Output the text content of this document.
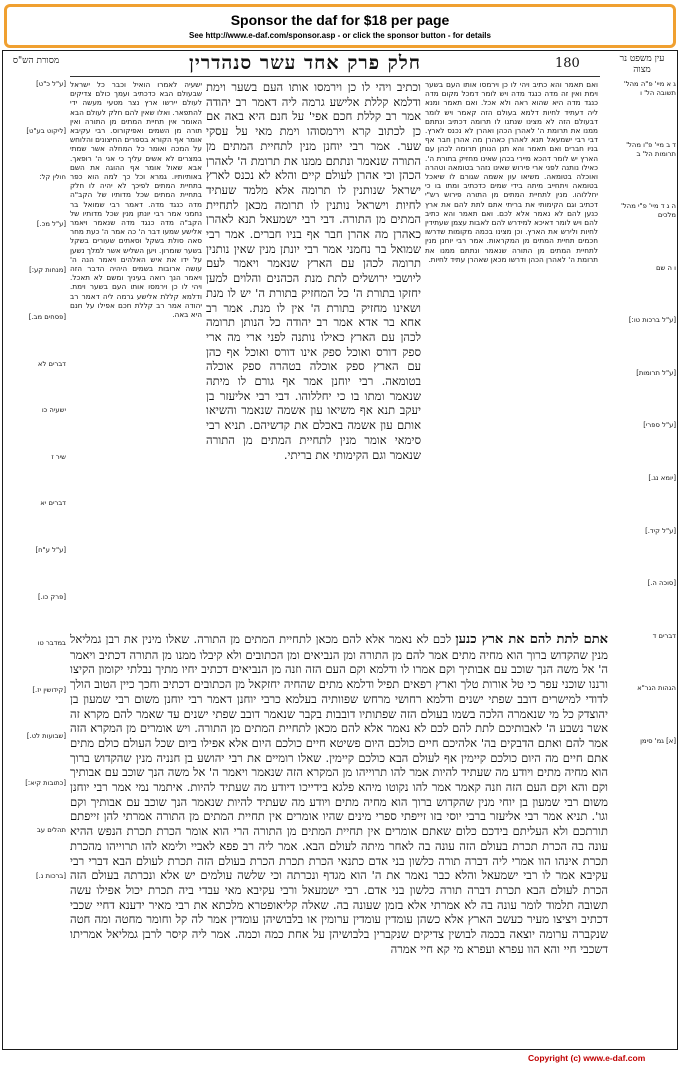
Sponsor the daf for $18 per page
See http://www.e-daf.com/sponsor.asp - or click the sponsor button - for details
מסורת הש"ס	חלק פרק אחד עשר סנהדרין	180	עין משפט נר מצוה
[ע"ל כ"ט]
[ליקוט בע"ט]
חולין קל:
[ע"ל מכ.]
[מנחות קע:]
[פסחים מב.]
דברים לא
ישעיה כו
שיר ז
דברים יא
[ע"ל ע"ח]
[פרק כו.]
במדבר טו
[קידושין יז.]
[שבועות לט.]
[כתובות קיא:]
תהלים עב
[ברכות נ.]

ישעיה לאמרו הואיל וכבר כל ישראל שבעולם הבא כדכתיב ועמך כולם צדיקים לעולם יירשו ארץ נצר מטעי מעשה ידי להתפאר. ואלו שאין להם חלק לעולם הבא האומר אין תחיית המתים מן התורה ואין תורה מן השמים ואפיקורוס. רבי עקיבא אומר אף הקורא בספרים החיצונים והלוחש על המכה ואומר כל המחלה אשר שמתי במצרים לא אשים עליך כי אני ה' רופאך. אבא שאול אומר אף ההוגה את השם באותיותיו. גמרא וכל כך למה הוא כפר בתחיית המתים לפיכך לא יהיה לו חלק בתחיית המתים שכל מדותיו של הקב"ה מדה כנגד מדה. דאמר רבי שמואל בר נחמני אמר רבי יונתן מנין שכל מדותיו של הקב"ה מדה כנגד מדה שנאמר ויאמר אלישע שמעו דבר ה' כה אמר ה' כעת מחר סאה סולת בשקל וסאתים שעורים בשקל בשער שומרון. ויען השליש אשר למלך נשען על ידו את איש האלהים ויאמר הנה ה' עושה ארובות בשמים היהיה הדבר הזה ויאמר הנך רואה בעיניך ומשם לא תאכל. ויהי לו כן וירמסו אותו העם בשער וימת. ודלמא קללת אלישע גרמה ליה דאמר רב יהודה אמר רב קללת חכם אפילו על חנם היא באה.

וכתיב ויהי לו כן וירמסו אותו העם בשער וימת ודלמא קללת אלישע גרמה ליה דאמר רב יהודה אמר רב קללת חכם אפי' על חנם היא באה אם כן לכתוב קרא וירמסוהו וימת מאי על עסקי שער. אמר רבי יוחנן מנין לתחיית המתים מן התורה שנאמר ונתתם ממנו את תרומת ה' לאהרן הכהן וכי אהרן לעולם קיים והלא לא נכנס לארץ ישראל שנותנין לו תרומה אלא מלמד שעתיד לחיות וישראל נותנין לו תרומה מכאן לתחיית המתים מן התורה. דבי רבי ישמעאל תנא לאהרן כאהרן מה אהרן חבר אף בניו חברים. אמר רבי שמואל בר נחמני אמר רבי יונתן מנין שאין נותנין תרומה לכהן עם הארץ שנאמר ויאמר לעם ליושבי ירושלים לתת מנת הכהנים והלוים למען יחזקו בתורת ה' כל המחזיק בתורת ה' יש לו מנת ושאינו מחזיק בתורת ה' אין לו מנת. אמר רב אחא בר אדא אמר רב יהודה כל הנותן תרומה לכהן עם הארץ כאילו נותנה לפני ארי מה ארי ספק דורס ואוכל ספק אינו דורס ואוכל אף כהן עם הארץ ספק אוכלה בטהרה ספק אוכלה בטומאה. רבי יוחנן אמר אף גורם לו מיתה שנאמר ומתו בו כי יחללוהו. דבי רבי אליעזר בן יעקב תנא אף משיאו עון אשמה שנאמר והשיאו אותם עון אשמה באכלם את קדשיהם. תניא רבי סימאי אומר מנין לתחיית המתים מן התורה שנאמר וגם הקימותי את בריתי.

ואם תאמר והא כתיב ויהי לו כן וירמסו אותו העם בשער וימת ואין זה מדה כנגד מדה ויש לומר דמכל מקום מדה כנגד מדה היא שהוא ראה ולא אכל. ואם תאמר ומנא ליה דעתיד לחיות דלמא בעולם הזה קאמר ויש לומר דבעולם הזה לא מצינו שנתנו לו תרומה דכתיב ונתתם ממנו את תרומת ה' לאהרן הכהן ואהרן לא נכנס לארץ. דבי רבי ישמעאל תנא לאהרן כאהרן מה אהרן חבר אף בניו חברים ואם תאמר והא תנן הנותן תרומה לכהן עם הארץ יש לומר דהכא מיירי בכהן שאינו מחזיק בתורת ה'. כאילו נותנה לפני ארי פירוש שאינו נזהר בטומאה וטהרה ואוכלה בטומאה. משיאו עון אשמה שגורם לו שיאכל בטומאה ויתחייב מיתה בידי שמים כדכתיב ומתו בו כי יחללוהו. מנין לתחיית המתים מן התורה פירוש רש"י דכתיב וגם הקימותי את בריתי אתם לתת להם את ארץ כנען להם לא נאמר אלא לכם. ואם תאמר והא כתיב להם ויש לומר דאיכא למידרש להם לאבות עצמן שעתידין לחיות ולירש את הארץ. וכן מצינו בכמה מקומות שדרשו חכמים תחיית המתים מן המקראות. אמר רבי יוחנן מנין לתחיית המתים מן התורה שנאמר ונתתם ממנו את תרומת ה' לאהרן הכהן ודרשו מכאן שאהרן עתיד לחיות.

אתם לתת להם את ארץ כנען לכם לא נאמר אלא להם מכאן לתחיית המתים מן התורה. שאלו מינין את רבן גמליאל מנין שהקדוש ברוך הוא מחיה מתים אמר להם מן התורה ומן הנביאים ומן הכתובים ולא קיבלו ממנו מן התורה דכתיב ויאמר ה' אל משה הנך שוכב עם אבותיך וקם אמרו לו ודלמא וקם העם הזה וזנה מן הנביאים דכתיב יחיו מתיך נבלתי יקומון הקיצו ורננו שוכני עפר כי טל אורות טלך וארץ רפאים תפיל ודלמא מתים שהחיה יחזקאל מן הכתובים דכתיב וחכך כיין הטוב הולך לדודי למישרים דובב שפתי ישנים ודלמא רחושי מרחש שפוותיה בעלמא כרבי יוחנן דאמר רבי יוחנן משום רבי שמעון בן יהוצדק כל מי שנאמרה הלכה בשמו בעולם הזה שפתותיו דובבות בקבר שנאמר דובב שפתי ישנים עד שאמר להם מקרא זה אשר נשבע ה' לאבותיכם לתת להם לכם לא נאמר אלא להם מכאן לתחיית המתים מן התורה. ויש אומרים מן המקרא הזה אמר להם ואתם הדבקים בה' אלהיכם חיים כולכם היום פשיטא חיים כולכם היום אלא אפילו ביום שכל העולם כולם מתים אתם חיים מה היום כולכם קיימין אף לעולם הבא כולכם קיימין. שאלו רומיים את רבי יהושע בן חנניה מנין שהקדוש ברוך הוא מחיה מתים ויודע מה שעתיד להיות אמר להו תרוייהו מן המקרא הזה שנאמר ויאמר ה' אל משה הנך שוכב עם אבותיך וקם והא וקם העם הזה וזנה קאמר אמר להו נקוטו מיהא פלגא בידייכו דיודע מה שעתיד להיות. איתמר נמי אמר רבי יוחנן משום רבי שמעון בן יוחי מנין שהקדוש ברוך הוא מחיה מתים ויודע מה שעתיד להיות שנאמר הנך שוכב עם אבותיך וקם וגו'. תניא אמר רבי אליעזר ברבי יוסי בזו זייפתי ספרי מינים שהיו אומרים אין תחיית המתים מן התורה אמרתי להן זייפתם תורתכם ולא העליתם בידכם כלום שאתם אומרים אין תחיית המתים מן התורה הרי הוא אומר הכרת תכרת הנפש ההיא עונה בה הכרת תכרת בעולם הזה עונה בה לאחר מיתה לעולם הבא. אמר ליה רב פפא לאביי ולימא להו תרוייהו מהכרת תכרת אינהו הוו אמרי ליה דברה תורה כלשון בני אדם כתנאי הכרת תכרת הכרת בעולם הזה תכרת לעולם הבא דברי רבי עקיבא אמר לו רבי ישמעאל והלא כבר נאמר את ה' הוא מגדף ונכרתה וכי שלשה עולמים יש אלא ונכרתה בעולם הזה הכרת לעולם הבא תכרת דברה תורה כלשון בני אדם. רבי ישמעאל ורבי עקיבא מאי עבדי ביה תכרת יכול אפילו עשה תשובה תלמוד לומר עונה בה לא אמרתי אלא בזמן שעונה בה. שאלה קליאופטרא מלכתא את רבי מאיר ידענא דחיי שכבי דכתיב ויציצו מעיר כעשב הארץ אלא כשהן עומדין עומדין ערומין או בלבושיהן עומדין אמר לה קל וחומר מחטה ומה חטה שנקברה ערומה יוצאה בכמה לבושין צדיקים שנקברין בלבושיהן על אחת כמה וכמה. אמר ליה קיסר לרבן גמליאל אמריתו דשכבי חיי והא הוו עפרא ועפרא מי קא חיי אמרה

ג א מיי' פ"ה מהל' תשובה הל' ו
ד ב מיי' פ"ו מהל' תרומות הל' ב
ה ג ד מיי' פ"י מהל' מלכים
ו ה שם
[ע"ל ברכות טו:]
[ע"ל תרומות]
[ע"ל ספרי]
[יומא נג.]
[ע"ל קיד.]
[סוכה ה.]
דברים ד
הגהות הגר"א
[א] גמ' סימן
Copyright (c) www.e-daf.com
